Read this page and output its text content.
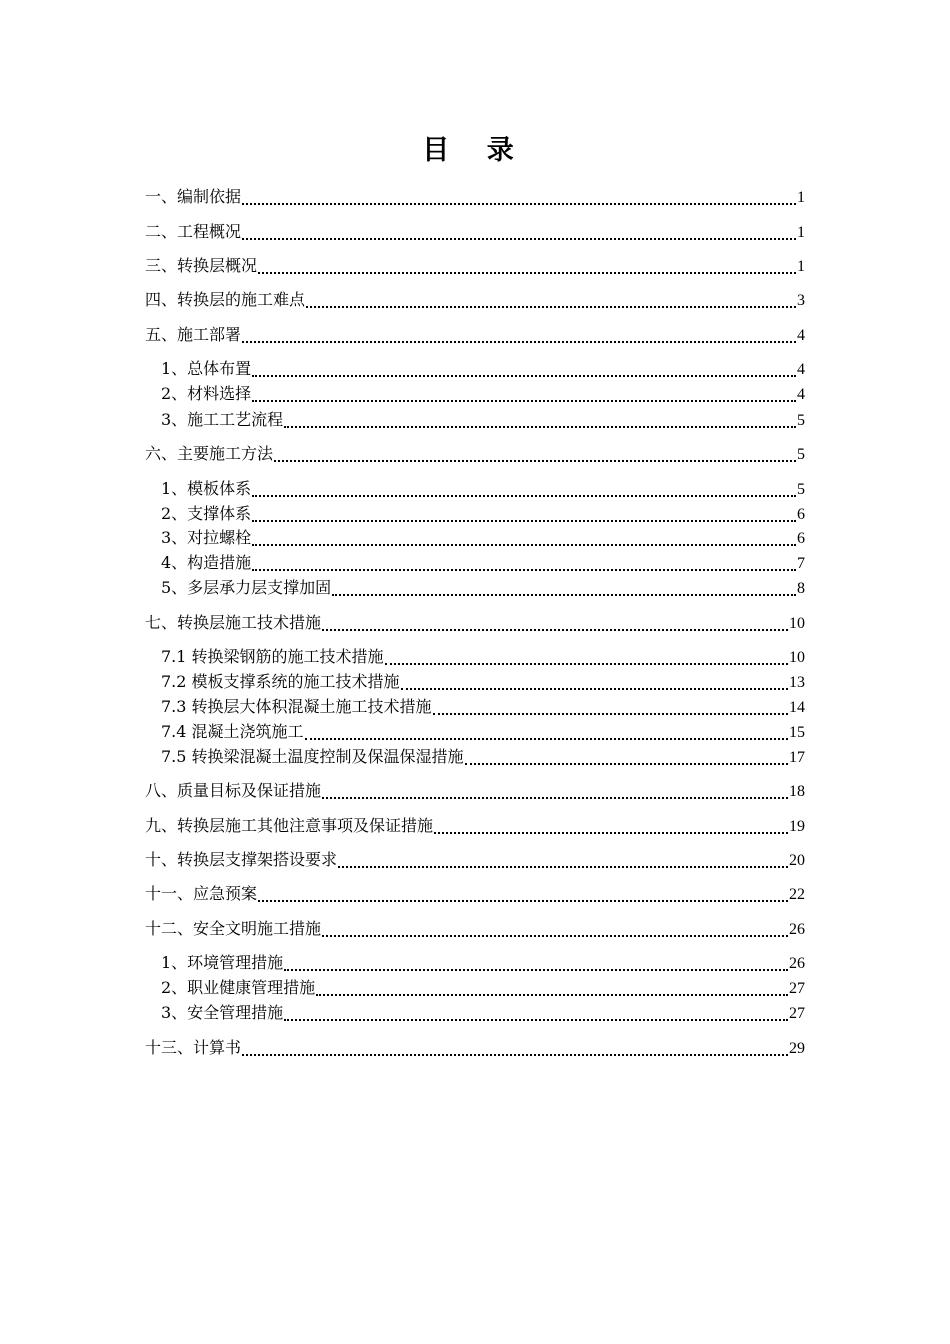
目 录
一、编制依据	1
二、工程概况	1
三、转换层概况	1
四、转换层的施工难点	3
五、施工部署	4
1、总体布置	4
2、材料选择	4
3、施工工艺流程	5
六、主要施工方法	5
1、模板体系	5
2、支撑体系	6
3、对拉螺栓	6
4、构造措施	7
5、多层承力层支撑加固	8
七、转换层施工技术措施	10
7.1 转换梁钢筋的施工技术措施	10
7.2 模板支撑系统的施工技术措施	13
7.3 转换层大体积混凝土施工技术措施	14
7.4 混凝土浇筑施工	15
7.5 转换梁混凝土温度控制及保温保湿措施	17
八、质量目标及保证措施	18
九、转换层施工其他注意事项及保证措施	19
十、转换层支撑架搭设要求	20
十一、应急预案	22
十二、安全文明施工措施	26
1、环境管理措施	26
2、职业健康管理措施	27
3、安全管理措施	27
十三、计算书	29
